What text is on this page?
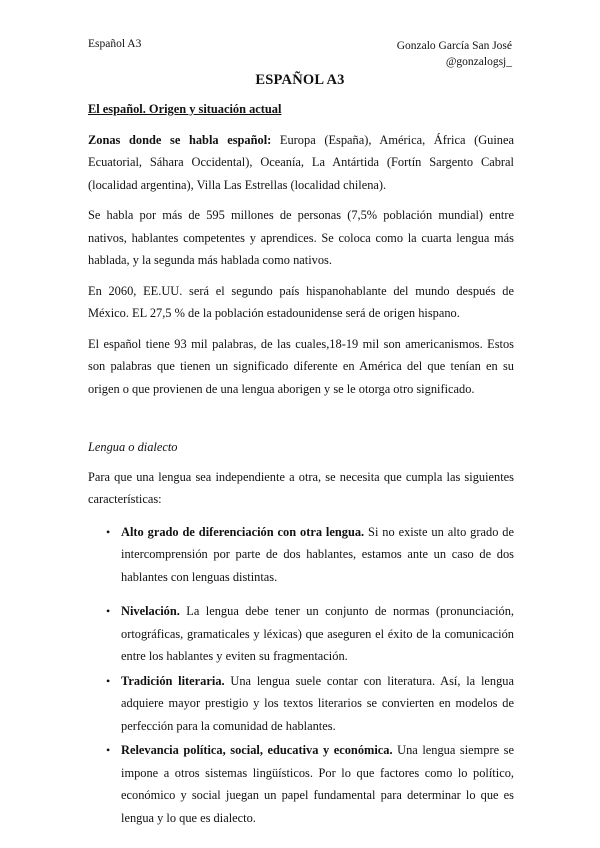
Español A3	Gonzalo García San José
@gonzalogsj_
ESPAÑOL A3
El español. Origen y situación actual

Zonas donde se habla español: Europa (España), América, África (Guinea Ecuatorial, Sáhara Occidental), Oceanía, La Antártida (Fortín Sargento Cabral (localidad argentina), Villa Las Estrellas (localidad chilena).

Se habla por más de 595 millones de personas (7,5% población mundial) entre nativos, hablantes competentes y aprendices. Se coloca como la cuarta lengua más hablada, y la segunda más hablada como nativos.

En 2060, EE.UU. será el segundo país hispanohablante del mundo después de México. EL 27,5 % de la población estadounidense será de origen hispano.

El español tiene 93 mil palabras, de las cuales,18-19 mil son americanismos. Estos son palabras que tienen un significado diferente en América del que tenían en su origen o que provienen de una lengua aborigen y se le otorga otro significado.

Lengua o dialecto

Para que una lengua sea independiente a otra, se necesita que cumpla las siguientes características:

• Alto grado de diferenciación con otra lengua. Si no existe un alto grado de intercomprensión por parte de dos hablantes, estamos ante un caso de dos hablantes con lenguas distintas.
• Nivelación. La lengua debe tener un conjunto de normas (pronunciación, ortográficas, gramaticales y léxicas) que aseguren el éxito de la comunicación entre los hablantes y eviten su fragmentación.
• Tradición literaria. Una lengua suele contar con literatura. Así, la lengua adquiere mayor prestigio y los textos literarios se convierten en modelos de perfección para la comunidad de hablantes.
• Relevancia política, social, educativa y económica. Una lengua siempre se impone a otros sistemas lingüísticos. Por lo que factores como lo político, económico y social juegan un papel fundamental para determinar lo que es lengua y lo que es dialecto.
